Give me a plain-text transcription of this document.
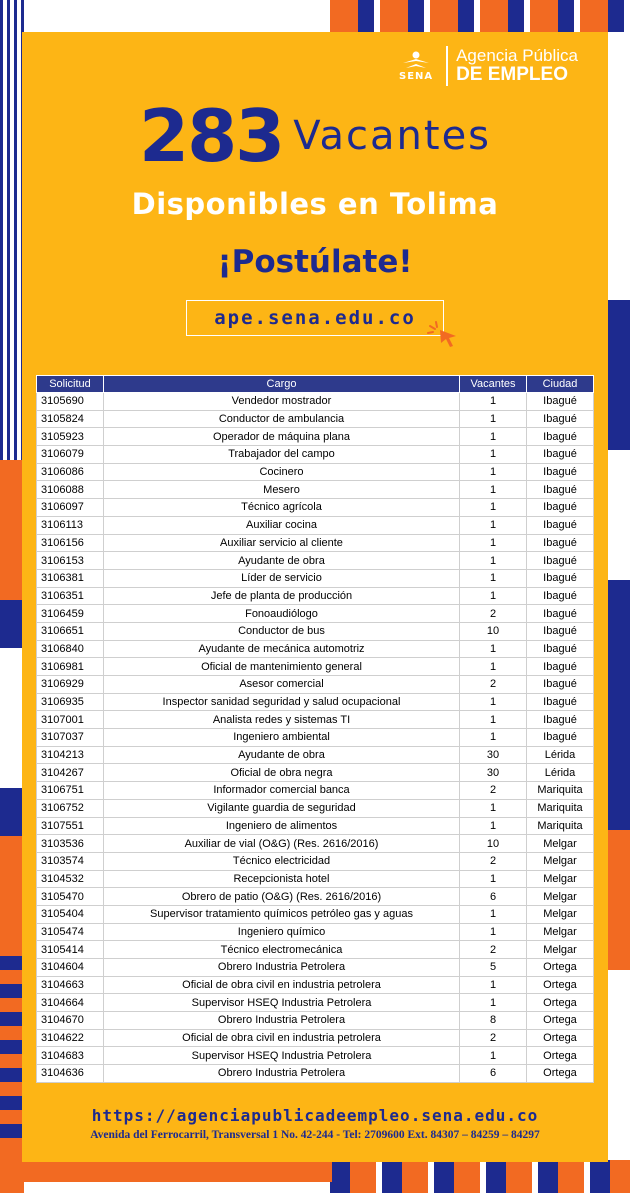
SENA
Agencia Pública
DE EMPLEO
283 Vacantes
Disponibles en Tolima
¡Postúlate!
ape.sena.edu.co
Solicitud	Cargo	Vacantes	Ciudad
3105690	Vendedor mostrador	1	Ibagué
3105824	Conductor de ambulancia	1	Ibagué
3105923	Operador de máquina plana	1	Ibagué
3106079	Trabajador del campo	1	Ibagué
3106086	Cocinero	1	Ibagué
3106088	Mesero	1	Ibagué
3106097	Técnico agrícola	1	Ibagué
3106113	Auxiliar cocina	1	Ibagué
3106156	Auxiliar servicio al cliente	1	Ibagué
3106153	Ayudante de obra	1	Ibagué
3106381	Líder de servicio	1	Ibagué
3106351	Jefe de planta de producción	1	Ibagué
3106459	Fonoaudiólogo	2	Ibagué
3106651	Conductor de bus	10	Ibagué
3106840	Ayudante de mecánica automotriz	1	Ibagué
3106981	Oficial de mantenimiento general	1	Ibagué
3106929	Asesor comercial	2	Ibagué
3106935	Inspector sanidad seguridad y salud ocupacional	1	Ibagué
3107001	Analista redes y sistemas TI	1	Ibagué
3107037	Ingeniero ambiental	1	Ibagué
3104213	Ayudante de obra	30	Lérida
3104267	Oficial de obra negra	30	Lérida
3106751	Informador comercial banca	2	Mariquita
3106752	Vigilante guardia de seguridad	1	Mariquita
3107551	Ingeniero de alimentos	1	Mariquita
3103536	Auxiliar de vial (O&G) (Res. 2616/2016)	10	Melgar
3103574	Técnico electricidad	2	Melgar
3104532	Recepcionista hotel	1	Melgar
3105470	Obrero de patio (O&G) (Res. 2616/2016)	6	Melgar
3105404	Supervisor tratamiento químicos petróleo gas y aguas	1	Melgar
3105474	Ingeniero químico	1	Melgar
3105414	Técnico electromecánica	2	Melgar
3104604	Obrero Industria Petrolera	5	Ortega
3104663	Oficial de obra civil en industria petrolera	1	Ortega
3104664	Supervisor HSEQ Industria Petrolera	1	Ortega
3104670	Obrero Industria Petrolera	8	Ortega
3104622	Oficial de obra civil en industria petrolera	2	Ortega
3104683	Supervisor HSEQ Industria Petrolera	1	Ortega
3104636	Obrero Industria Petrolera	6	Ortega
https://agenciapublicadeempleo.sena.edu.co
Avenida del Ferrocarril, Transversal 1 No. 42-244 - Tel: 2709600 Ext. 84307 – 84259 – 84297
